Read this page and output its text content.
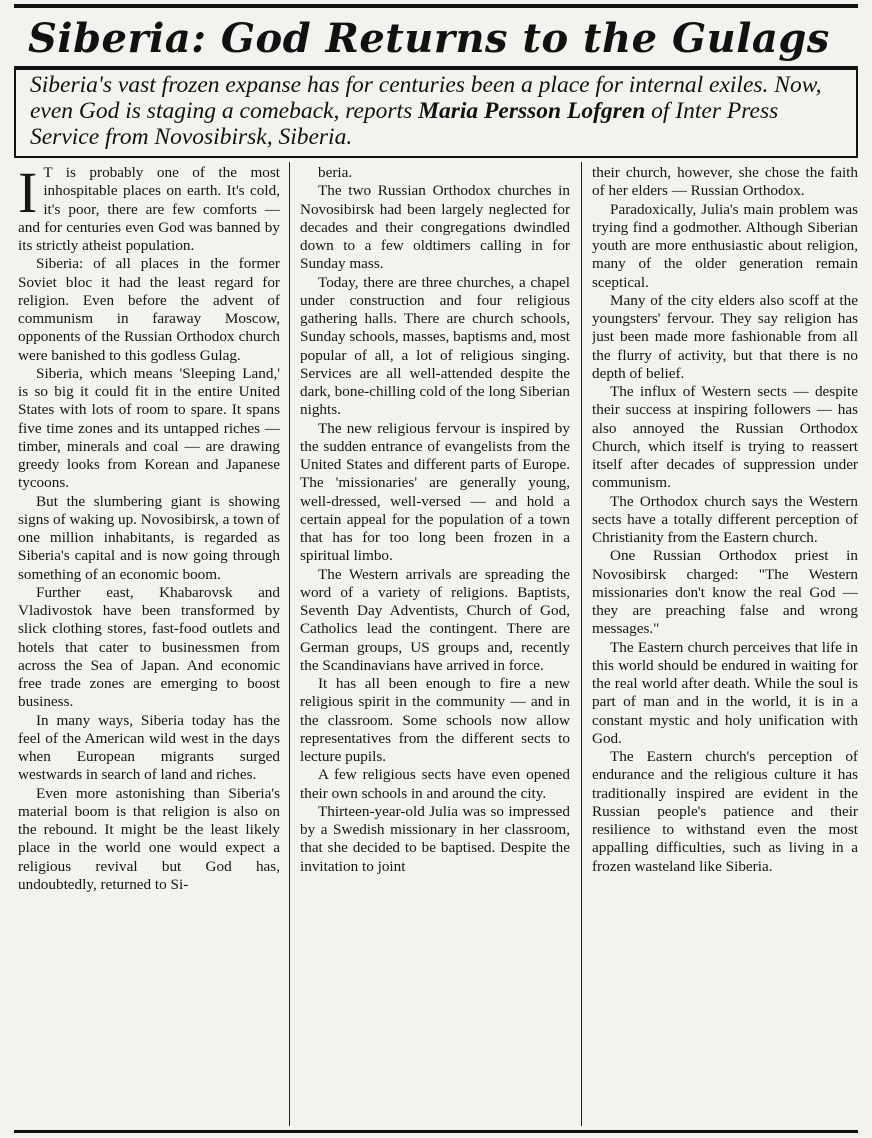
Siberia: God Returns to the Gulags
Siberia's vast frozen expanse has for centuries been a place for internal exiles. Now, even God is staging a comeback, reports Maria Persson Lofgren of Inter Press Service from Novosibirsk, Siberia.

I T is probably one of the most inhospitable places on earth. It's cold, it's poor, there are few comforts — and for centuries even God was banned by its strictly atheist population.

Siberia: of all places in the former Soviet bloc it had the least regard for religion. Even before the advent of communism in faraway Moscow, opponents of the Russian Orthodox church were banished to this godless Gulag.

Siberia, which means 'Sleeping Land,' is so big it could fit in the entire United States with lots of room to spare. It spans five time zones and its untapped riches — timber, minerals and coal — are drawing greedy looks from Korean and Japanese tycoons.

But the slumbering giant is showing signs of waking up. Novosibirsk, a town of one million inhabitants, is regarded as Siberia's capital and is now going through something of an economic boom.

Further east, Khabarovsk and Vladivostok have been transformed by slick clothing stores, fast-food outlets and hotels that cater to businessmen from across the Sea of Japan. And economic free trade zones are emerging to boost business.

In many ways, Siberia today has the feel of the American wild west in the days when European migrants surged westwards in search of land and riches.

Even more astonishing than Siberia's material boom is that religion is also on the rebound. It might be the least likely place in the world one would expect a religious revival but God has, undoubtedly, returned to Si-

beria.

The two Russian Orthodox churches in Novosibirsk had been largely neglected for decades and their congregations dwindled down to a few oldtimers calling in for Sunday mass.

Today, there are three churches, a chapel under construction and four religious gathering halls. There are church schools, Sunday schools, masses, baptisms and, most popular of all, a lot of religious singing. Services are all well-attended despite the dark, bone-chilling cold of the long Siberian nights.

The new religious fervour is inspired by the sudden entrance of evangelists from the United States and different parts of Europe. The 'missionaries' are generally young, well-dressed, well-versed — and hold a certain appeal for the population of a town that has for too long been frozen in a spiritual limbo.

The Western arrivals are spreading the word of a variety of religions. Baptists, Seventh Day Adventists, Church of God, Catholics lead the contingent. There are German groups, US groups and, recently the Scandinavians have arrived in force.

It has all been enough to fire a new religious spirit in the community — and in the classroom. Some schools now allow representatives from the different sects to lecture pupils.

A few religious sects have even opened their own schools in and around the city.

Thirteen-year-old Julia was so impressed by a Swedish missionary in her classroom, that she decided to be baptised. Despite the invitation to joint

their church, however, she chose the faith of her elders — Russian Orthodox.

Paradoxically, Julia's main problem was trying find a godmother. Although Siberian youth are more enthusiastic about religion, many of the older generation remain sceptical.

Many of the city elders also scoff at the youngsters' fervour. They say religion has just been made more fashionable from all the flurry of activity, but that there is no depth of belief.

The influx of Western sects — despite their success at inspiring followers — has also annoyed the Russian Orthodox Church, which itself is trying to reassert itself after decades of suppression under communism.

The Orthodox church says the Western sects have a totally different perception of Christianity from the Eastern church.

One Russian Orthodox priest in Novosibirsk charged: "The Western missionaries don't know the real God — they are preaching false and wrong messages."

The Eastern church perceives that life in this world should be endured in waiting for the real world after death. While the soul is part of man and in the world, it is in a constant mystic and holy unification with God.

The Eastern church's perception of endurance and the religious culture it has traditionally inspired are evident in the Russian people's patience and their resilience to withstand even the most appalling difficulties, such as living in a frozen wasteland like Siberia.
